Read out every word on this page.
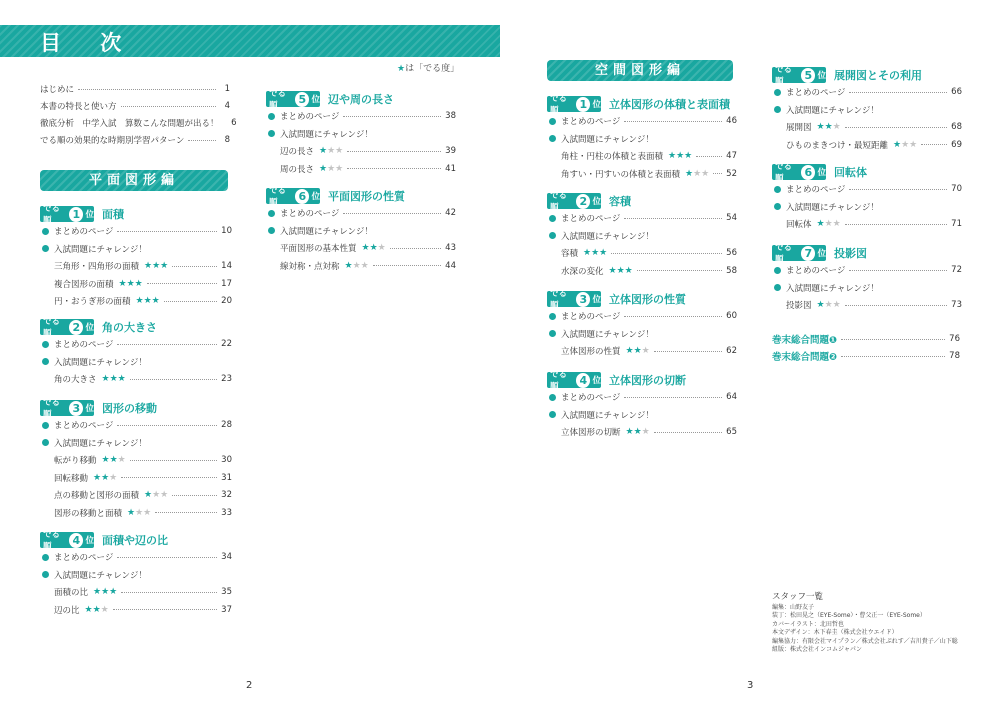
目 次
★は「でる度」
はじめに	1
本書の特長と使い方	4
徹底分析　中学入試　算数こんな問題が出る！	6
でる順の効果的な時期別学習パターン	8
平面図形編
空間図形編
でる順
1 位 面積
まとめのページ	10
入試問題にチャレンジ！
三角形・四角形の面積 ★★★	14
複合図形の面積 ★★★	17
円・おうぎ形の面積 ★★★	20
でる順
2 位 角の大きさ
まとめのページ	22
入試問題にチャレンジ！
角の大きさ ★★★	23
でる順
3 位 図形の移動
まとめのページ	28
入試問題にチャレンジ！
転がり移動 ★★★	30
回転移動 ★★★	31
点の移動と図形の面積 ★★★	32
図形の移動と面積 ★★★	33
でる順
4 位 面積や辺の比
まとめのページ	34
入試問題にチャレンジ！
面積の比 ★★★	35
辺の比 ★★★	37
でる順
5 位 辺や周の長さ
まとめのページ	38
入試問題にチャレンジ！
辺の長さ ★★★	39
周の長さ ★★★	41
でる順
6 位 平面図形の性質
まとめのページ	42
入試問題にチャレンジ！
平面図形の基本性質 ★★★	43
線対称・点対称 ★★★	44
でる順
1 位 立体図形の体積と表面積
まとめのページ	46
入試問題にチャレンジ！
角柱・円柱の体積と表面積 ★★★	47
角すい・円すいの体積と表面積 ★★★ 52
でる順
2 位 容積
まとめのページ	54
入試問題にチャレンジ！
容積 ★★★	56
水深の変化 ★★★	58
でる順
3 位 立体図形の性質
まとめのページ	60
入試問題にチャレンジ！
立体図形の性質 ★★★	62
でる順
4 位 立体図形の切断
まとめのページ	64
入試問題にチャレンジ！
立体図形の切断 ★★★	65
でる順
5 位 展開図とその利用
まとめのページ	66
入試問題にチャレンジ！
展開図 ★★★	68
ひものまきつけ・最短距離 ★★★	69
でる順
6 位 回転体
まとめのページ	70
入試問題にチャレンジ！
回転体 ★★★	71
でる順
7 位 投影図
まとめのページ	72
入試問題にチャレンジ！
投影図 ★★★	73
巻末総合問題❶	76
巻末総合問題❷	78
スタッフ一覧
編集：山野友子
装丁：松田晃之（EYE-Some）・曹父正一（EYE-Some）
カバーイラスト：北田哲也
本文デザイン：木下春圭（株式会社ウエイド）
編集協力：有限会社マイプラン／株式会社ぷれす／吉川貴子／山下聡
組版：株式会社インコムジャパン
2	3
